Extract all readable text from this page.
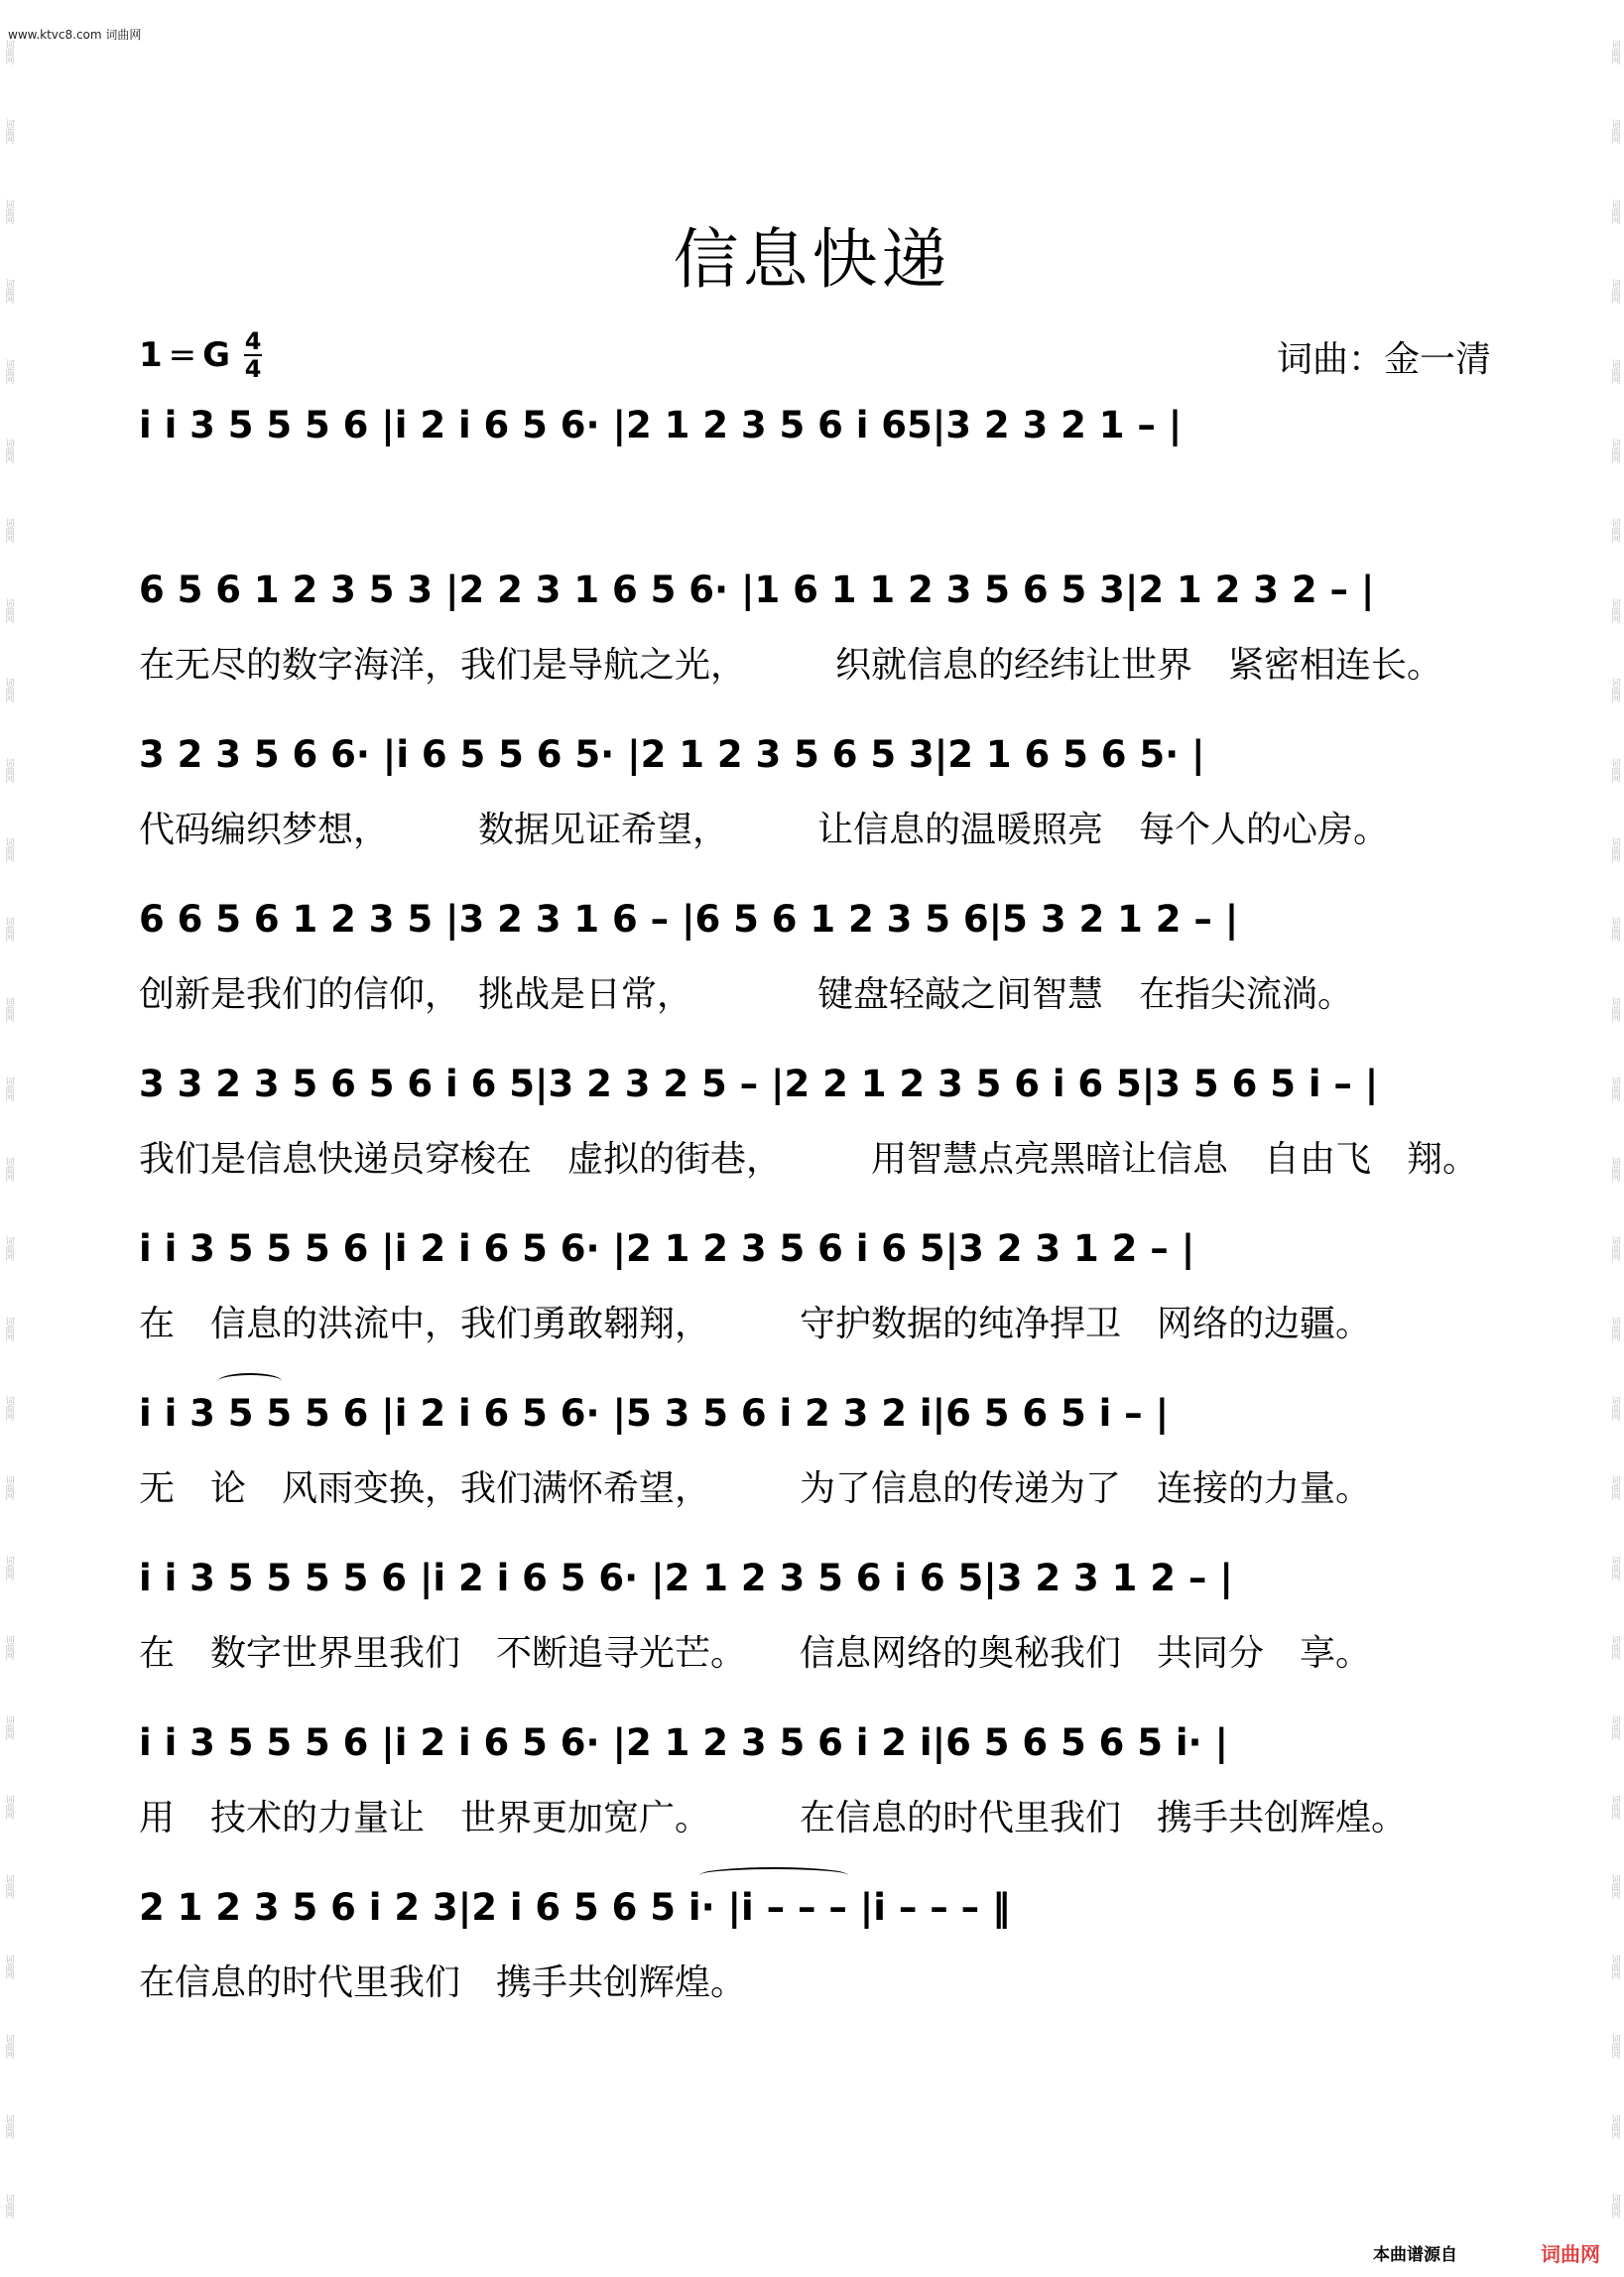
www.ktvc8.com 词曲网
词曲网
词曲网
词曲网
词曲网
词曲网
词曲网
词曲网
词曲网
词曲网
词曲网
词曲网
词曲网
词曲网
词曲网
词曲网
词曲网
词曲网
词曲网
词曲网
词曲网
词曲网
词曲网
词曲网
词曲网
词曲网
词曲网
词曲网
词曲网
词曲网
词曲网
词曲网
词曲网
词曲网
词曲网
词曲网
词曲网
词曲网
词曲网
词曲网
词曲网
词曲网
词曲网
词曲网
词曲网
词曲网
词曲网
词曲网
词曲网
词曲网
词曲网
词曲网
词曲网
词曲网
词曲网
词曲网
词曲网
信息快递
1 = G 4
4	词曲：金一清
i i 3 5 5 5 6 |i 2 i 6 5 6· |2 1 2 3 5 6 i 65|3 2 3 2 1 – |
6 5 6 1 2 3 5 3 |2 2 3 1 6 5 6· |1 6 1 1 2 3 5 6 5 3|2 1 2 3 2 – |
在无尽的数字海洋，我们是导航之光，　　　织就信息的经纬让世界　紧密相连长。
3 2 3 5 6 6· |i 6 5 5 6 5· |2 1 2 3 5 6 5 3|2 1 6 5 6 5· |
代码编织梦想，　　　数据见证希望，　　　让信息的温暖照亮　每个人的心房。
6 6 5 6 1 2 3 5 |3 2 3 1 6 – |6 5 6 1 2 3 5 6|5 3 2 1 2 – |
创新是我们的信仰，　挑战是日常，　　　　键盘轻敲之间智慧　在指尖流淌。
3 3 2 3 5 6 5 6 i 6 5|3 2 3 2 5 – |2 2 1 2 3 5 6 i 6 5|3 5 6 5 i – |
我们是信息快递员穿梭在　虚拟的街巷，　　　用智慧点亮黑暗让信息　自由飞　翔。
i i 3 5 5 5 6 |i 2 i 6 5 6· |2 1 2 3 5 6 i 6 5|3 2 3 1 2 – |
在　信息的洪流中，我们勇敢翱翔，　　　守护数据的纯净捍卫　网络的边疆。
i i 3 5 5 5 6 |i 2 i 6 5 6· |5 3 5 6 i 2 3 2 i|6 5 6 5 i – |
无　论　风雨变换，我们满怀希望，　　　为了信息的传递为了　连接的力量。
i i 3 5 5 5 5 6 |i 2 i 6 5 6· |2 1 2 3 5 6 i 6 5|3 2 3 1 2 – |
在　数字世界里我们　不断追寻光芒。　　信息网络的奥秘我们　共同分　享。
i i 3 5 5 5 6 |i 2 i 6 5 6· |2 1 2 3 5 6 i 2 i|6 5 6 5 6 5 i· |
用　技术的力量让　世界更加宽广。　　　在信息的时代里我们　携手共创辉煌。
2 1 2 3 5 6 i 2 3|2 i 6 5 6 5 i· |i – – – |i – – – ‖
在信息的时代里我们　携手共创辉煌。
本曲谱源自	词曲网
